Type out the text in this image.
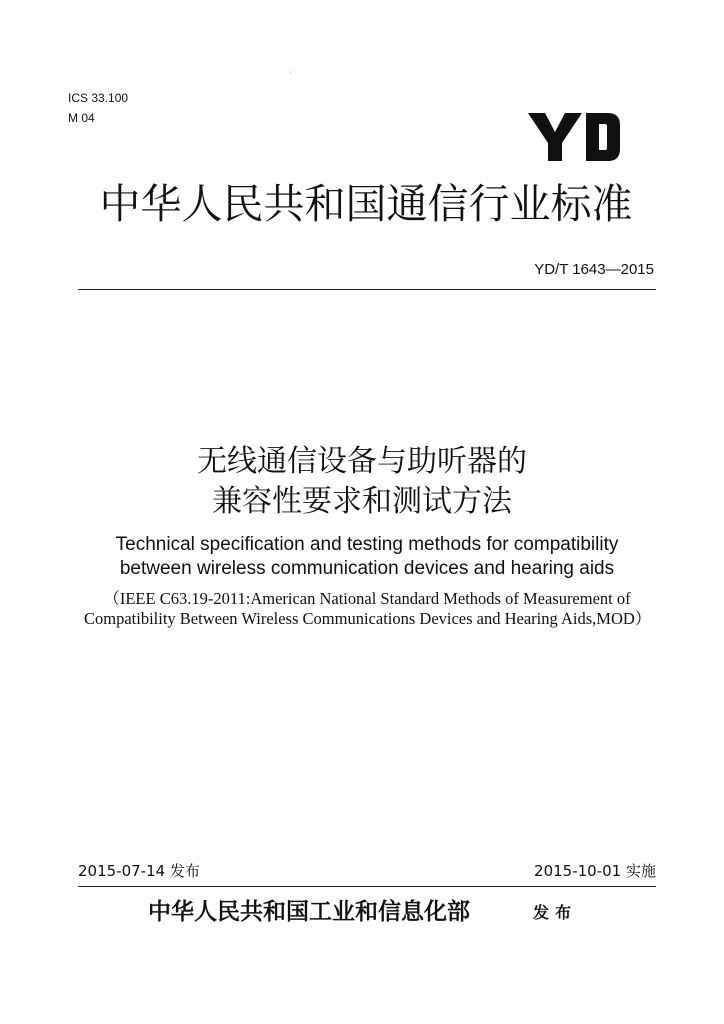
ICS 33.100
M 04
中华人民共和国通信行业标准
YD/T 1643—2015
无线通信设备与助听器的
兼容性要求和测试方法
Technical specification and testing methods for compatibility
between wireless communication devices and hearing aids
（IEEE C63.19-2011:American National Standard Methods of Measurement of Compatibility Between Wireless Communications Devices and Hearing Aids,MOD）
2015-07-14 发布	2015-10-01 实施
中华人民共和国工业和信息化部	发布
